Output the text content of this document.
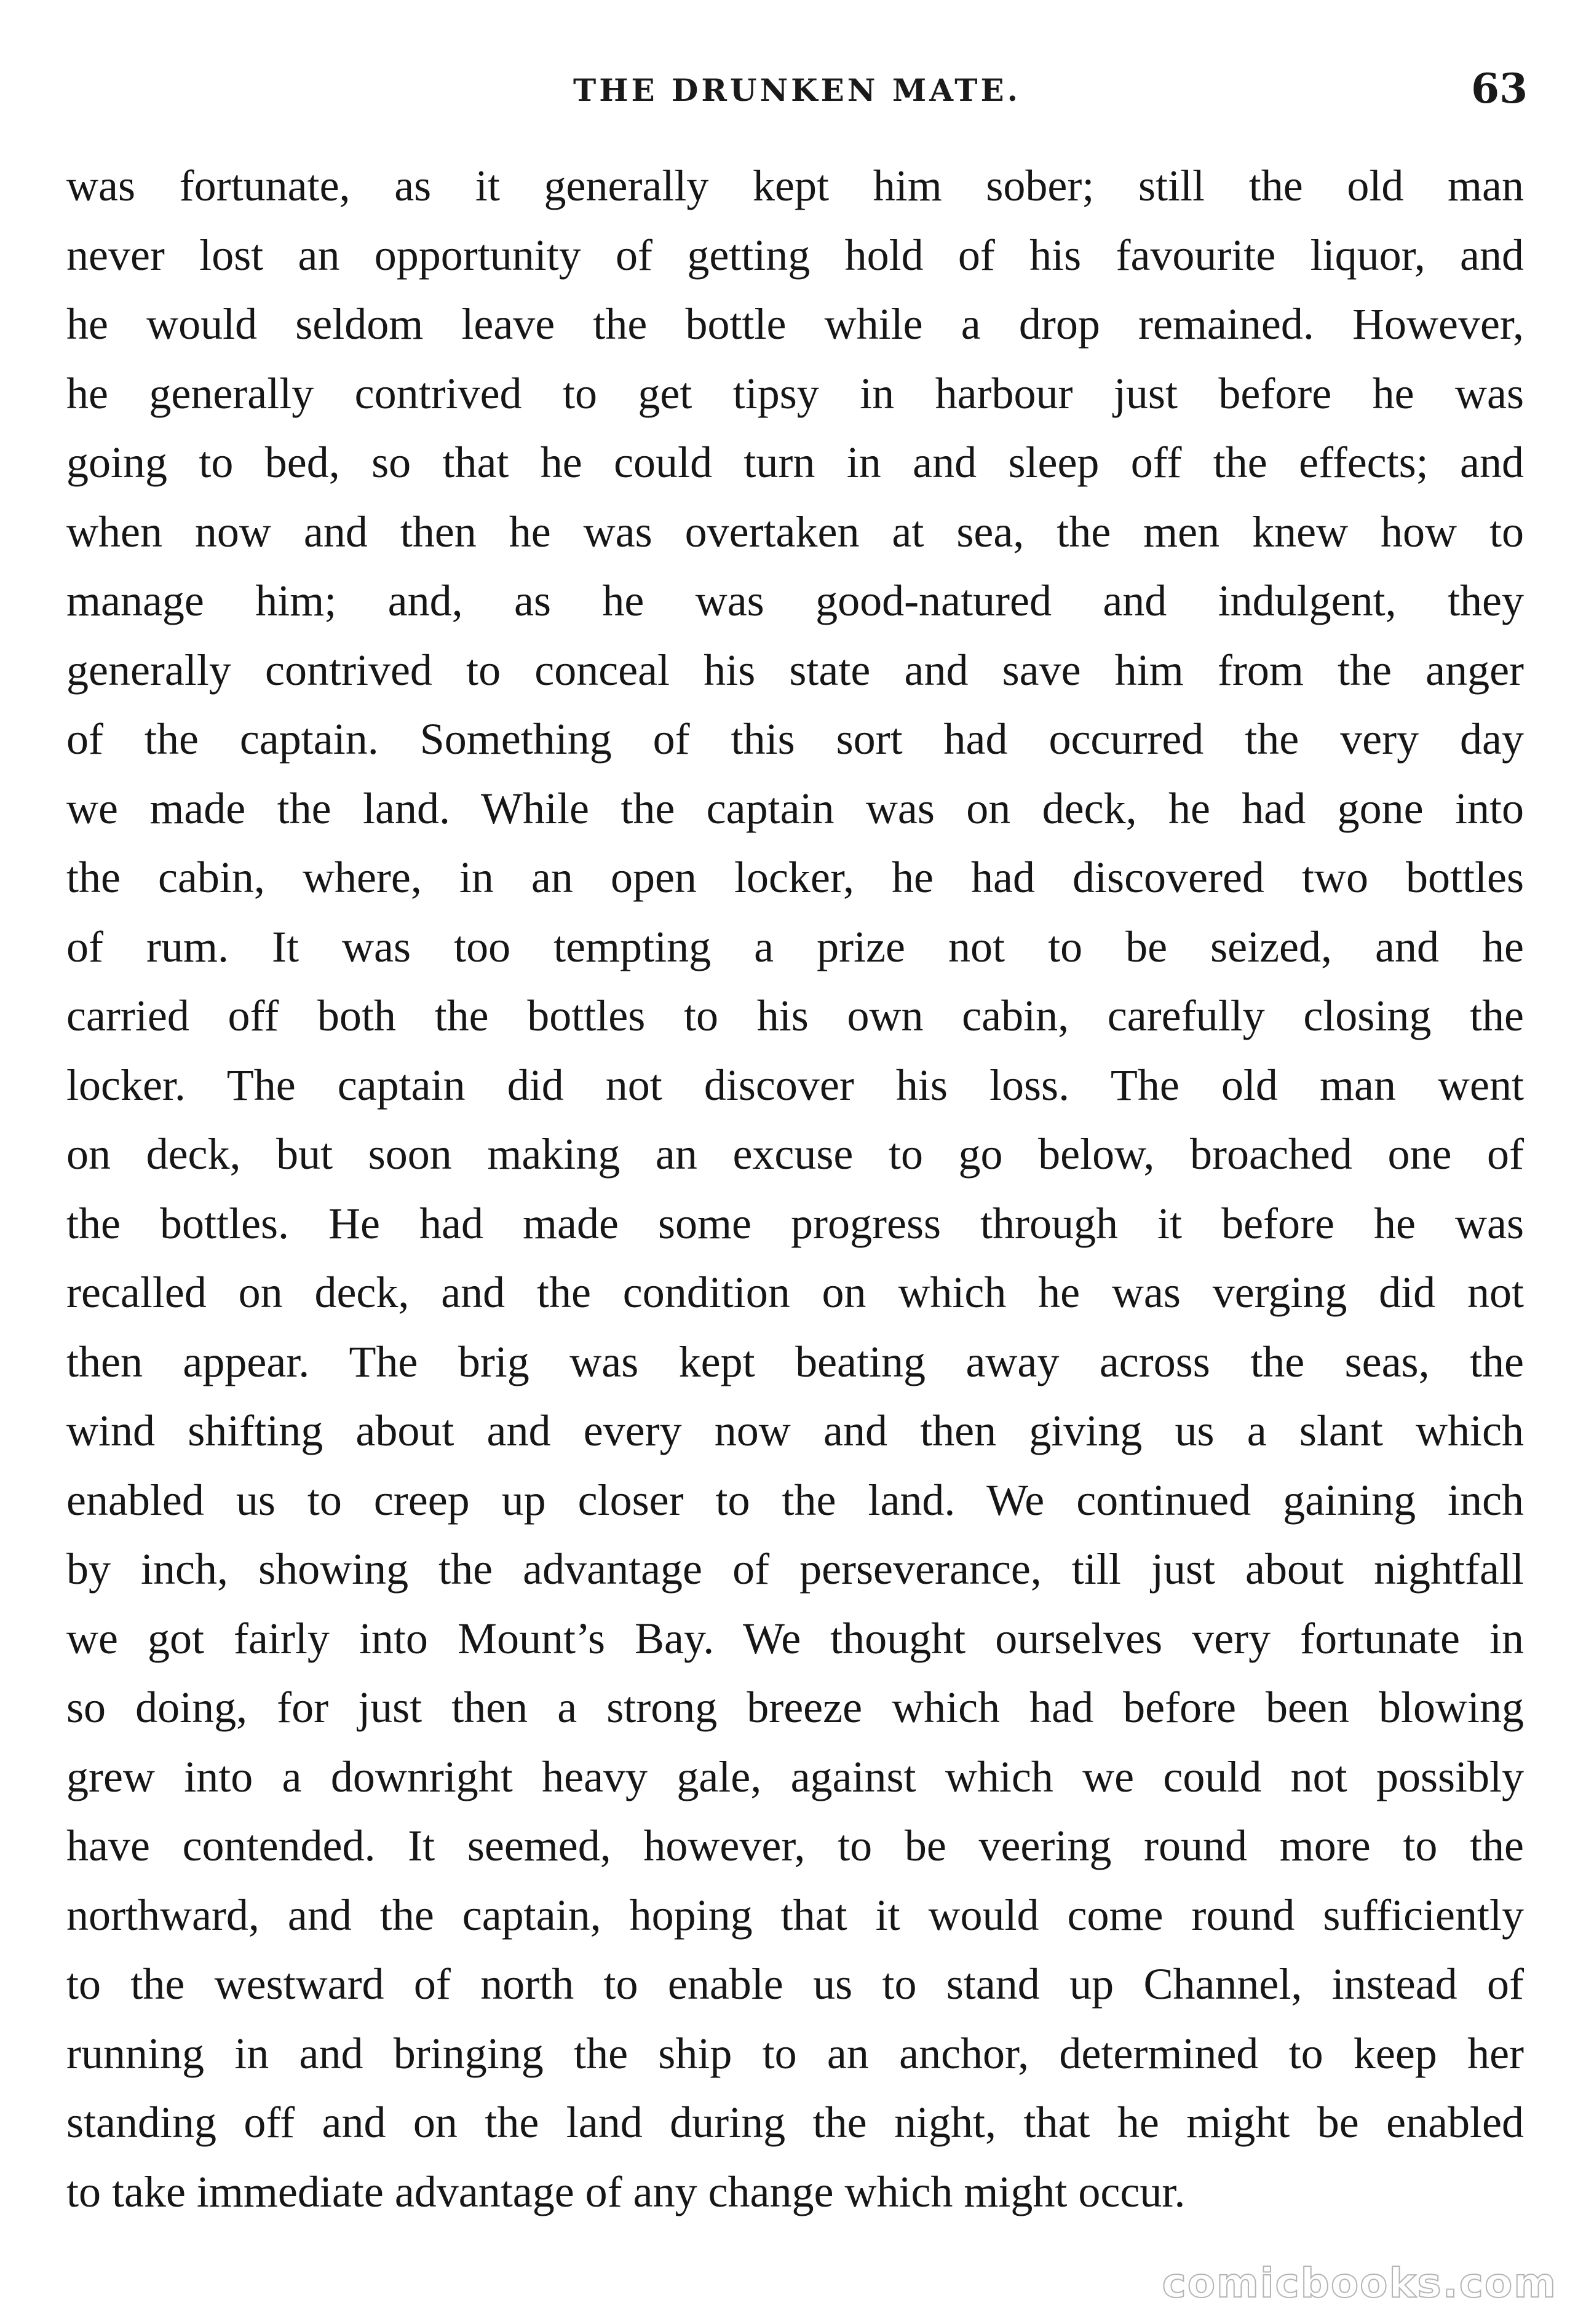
THE DRUNKEN MATE.	63
was fortunate, as it generally kept him sober; still the old man
never lost an opportunity of getting hold of his favourite liquor, and
he would seldom leave the bottle while a drop remained. However,
he generally contrived to get tipsy in harbour just before he was
going to bed, so that he could turn in and sleep off the effects; and
when now and then he was overtaken at sea, the men knew how to
manage him; and, as he was good-natured and indulgent, they
generally contrived to conceal his state and save him from the anger
of the captain. Something of this sort had occurred the very day
we made the land. While the captain was on deck, he had gone into
the cabin, where, in an open locker, he had discovered two bottles
of rum. It was too tempting a prize not to be seized, and he
carried off both the bottles to his own cabin, carefully closing the
locker. The captain did not discover his loss. The old man went
on deck, but soon making an excuse to go below, broached one of
the bottles. He had made some progress through it before he was
recalled on deck, and the condition on which he was verging did not
then appear. The brig was kept beating away across the seas, the
wind shifting about and every now and then giving us a slant which
enabled us to creep up closer to the land. We continued gaining inch
by inch, showing the advantage of perseverance, till just about nightfall
we got fairly into Mount’s Bay. We thought ourselves very fortunate in
so doing, for just then a strong breeze which had before been blowing
grew into a downright heavy gale, against which we could not possibly
have contended. It seemed, however, to be veering round more to the
northward, and the captain, hoping that it would come round sufficiently
to the westward of north to enable us to stand up Channel, instead of
running in and bringing the ship to an anchor, determined to keep her
standing off and on the land during the night, that he might be enabled
to take immediate advantage of any change which might occur.
comicbooks.com
